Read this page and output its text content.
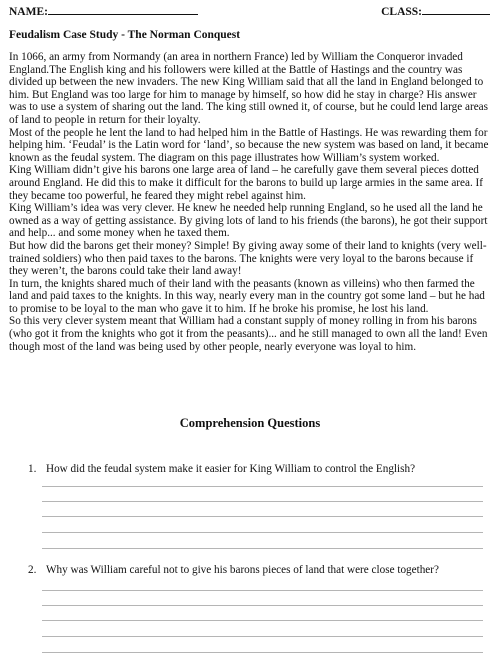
NAME:	CLASS:
Feudalism Case Study - The Norman Conquest

In 1066, an army from Normandy (an area in northern France) led by William the Conqueror invaded England.The English king and his followers were killed at the Battle of Hastings and the country was divided up between the new invaders. The new King William said that all the land in England belonged to him. But England was too large for him to manage by himself, so how did he stay in charge? His answer was to use a system of sharing out the land. The king still owned it, of course, but he could lend large areas of land to people in return for their loyalty.

Most of the people he lent the land to had helped him in the Battle of Hastings. He was rewarding them for helping him. ‘Feudal’ is the Latin word for ‘land’, so because the new system was based on land, it became known as the feudal system. The diagram on this page illustrates how William’s system worked.

King William didn’t give his barons one large area of land – he carefully gave them several pieces dotted around England. He did this to make it difficult for the barons to build up large armies in the same area. If they became too powerful, he feared they might rebel against him.

King William’s idea was very clever. He knew he needed help running England, so he used all the land he owned as a way of getting assistance. By giving lots of land to his friends (the barons), he got their support and help... and some money when he taxed them.

But how did the barons get their money? Simple! By giving away some of their land to knights (very well-trained soldiers) who then paid taxes to the barons. The knights were very loyal to the barons because if they weren’t, the barons could take their land away!

In turn, the knights shared much of their land with the peasants (known as villeins) who then farmed the land and paid taxes to the knights. In this way, nearly every man in the country got some land – but he had to promise to be loyal to the man who gave it to him. If he broke his promise, he lost his land.

So this very clever system meant that William had a constant supply of money rolling in from his barons (who got it from the knights who got it from the peasants)... and he still managed to own all the land! Even though most of the land was being used by other people, nearly everyone was loyal to him.

Comprehension Questions
1. How did the feudal system make it easier for King William to control the English?
2. Why was William careful not to give his barons pieces of land that were close together?
